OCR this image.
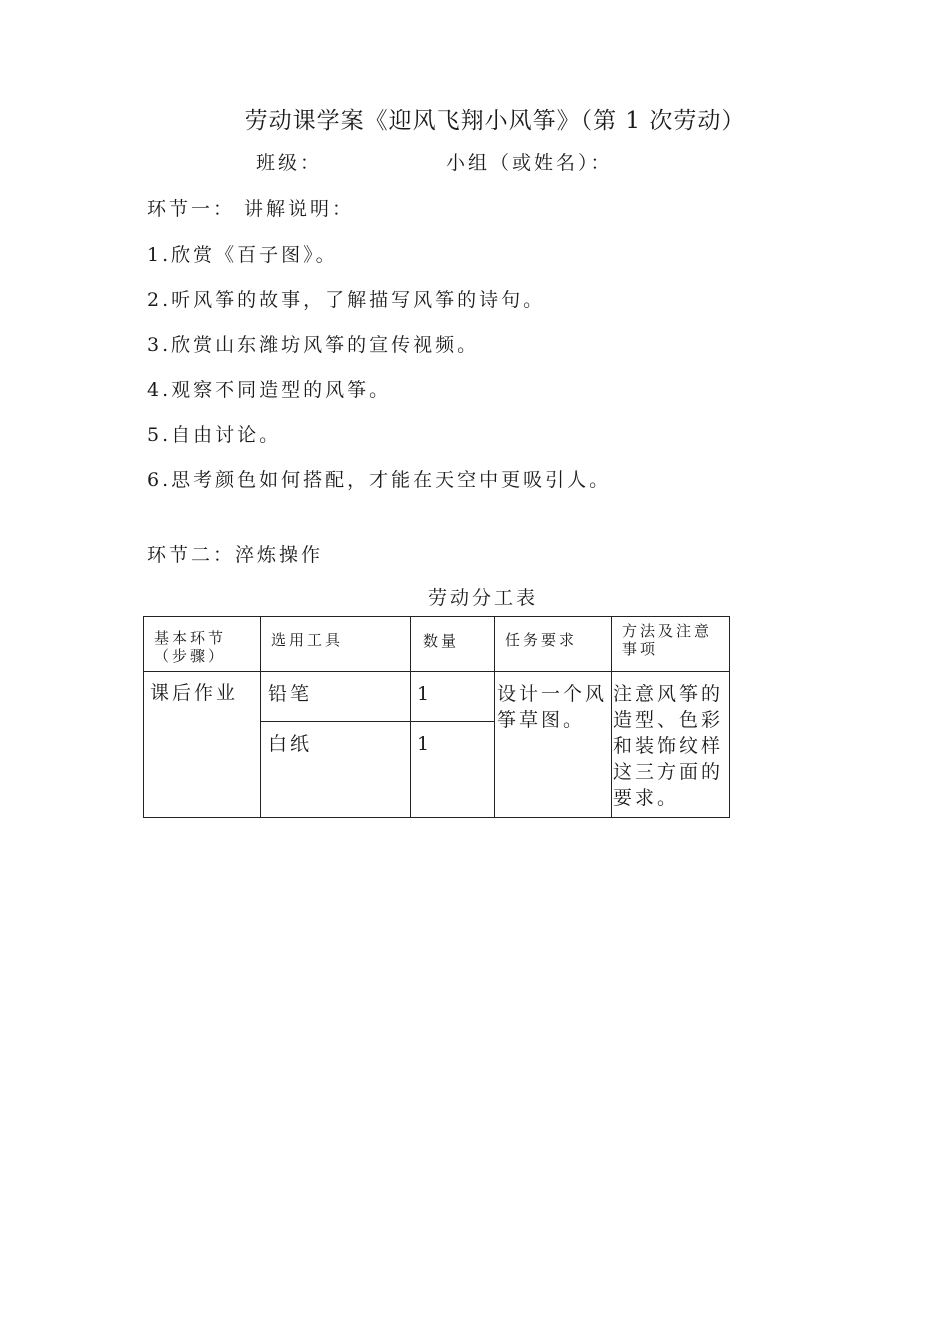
劳动课学案《迎风飞翔小风筝》（第 1 次劳动）
班级：	小组（或姓名）：
环节一： 讲解说明：
1.欣赏《百子图》。
2.听风筝的故事，了解描写风筝的诗句。
3.欣赏山东潍坊风筝的宣传视频。
4.观察不同造型的风筝。
5.自由讨论。
6.思考颜色如何搭配，才能在天空中更吸引人。
环节二：淬炼操作
劳动分工表
基本环节（步骤）	选用工具	数量	任务要求	方法及注意事项

课后作业	铅笔	1	设计一个风筝草图。	注意风筝的造型、色彩和装饰纹样这三方面的要求。

	白纸	1		
